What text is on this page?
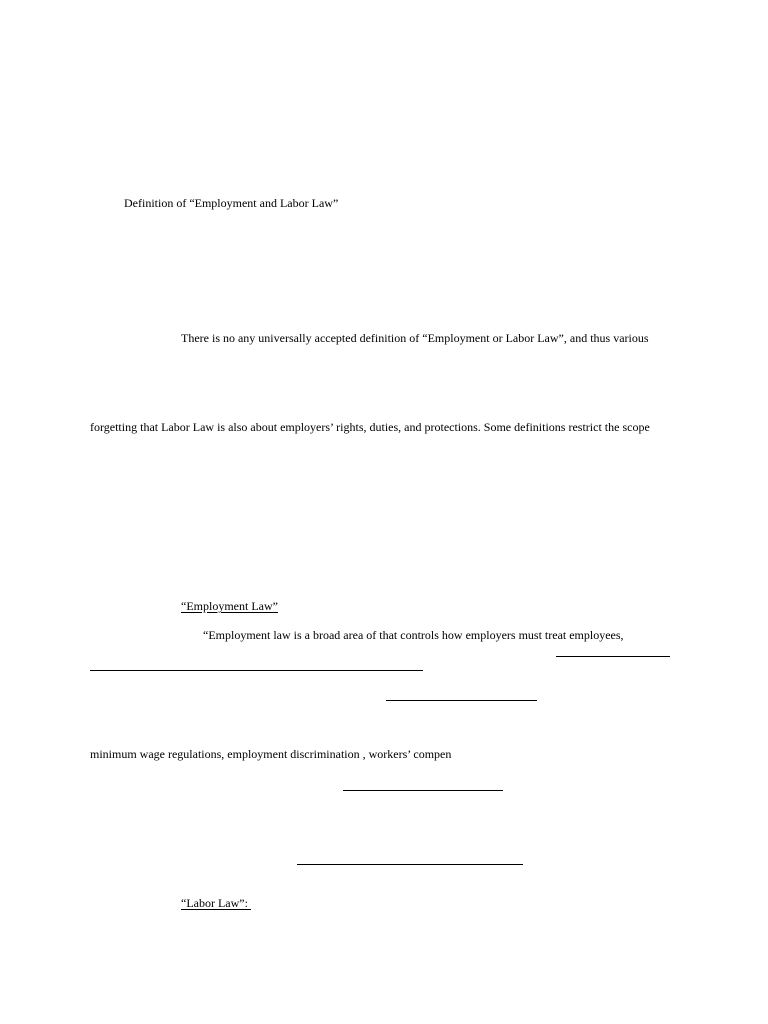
Definition of “Employment and Labor Law”
There is no any universally accepted definition of “Employment or Labor Law”, and thus various
forgetting that Labor Law is also about employers’ rights, duties, and protections. Some definitions restrict the scope
“Employment Law”
“Employment law is a broad area of that controls how employers must treat employees,
minimum wage regulations, employment discrimination , workers’ compen
“Labor Law”:
